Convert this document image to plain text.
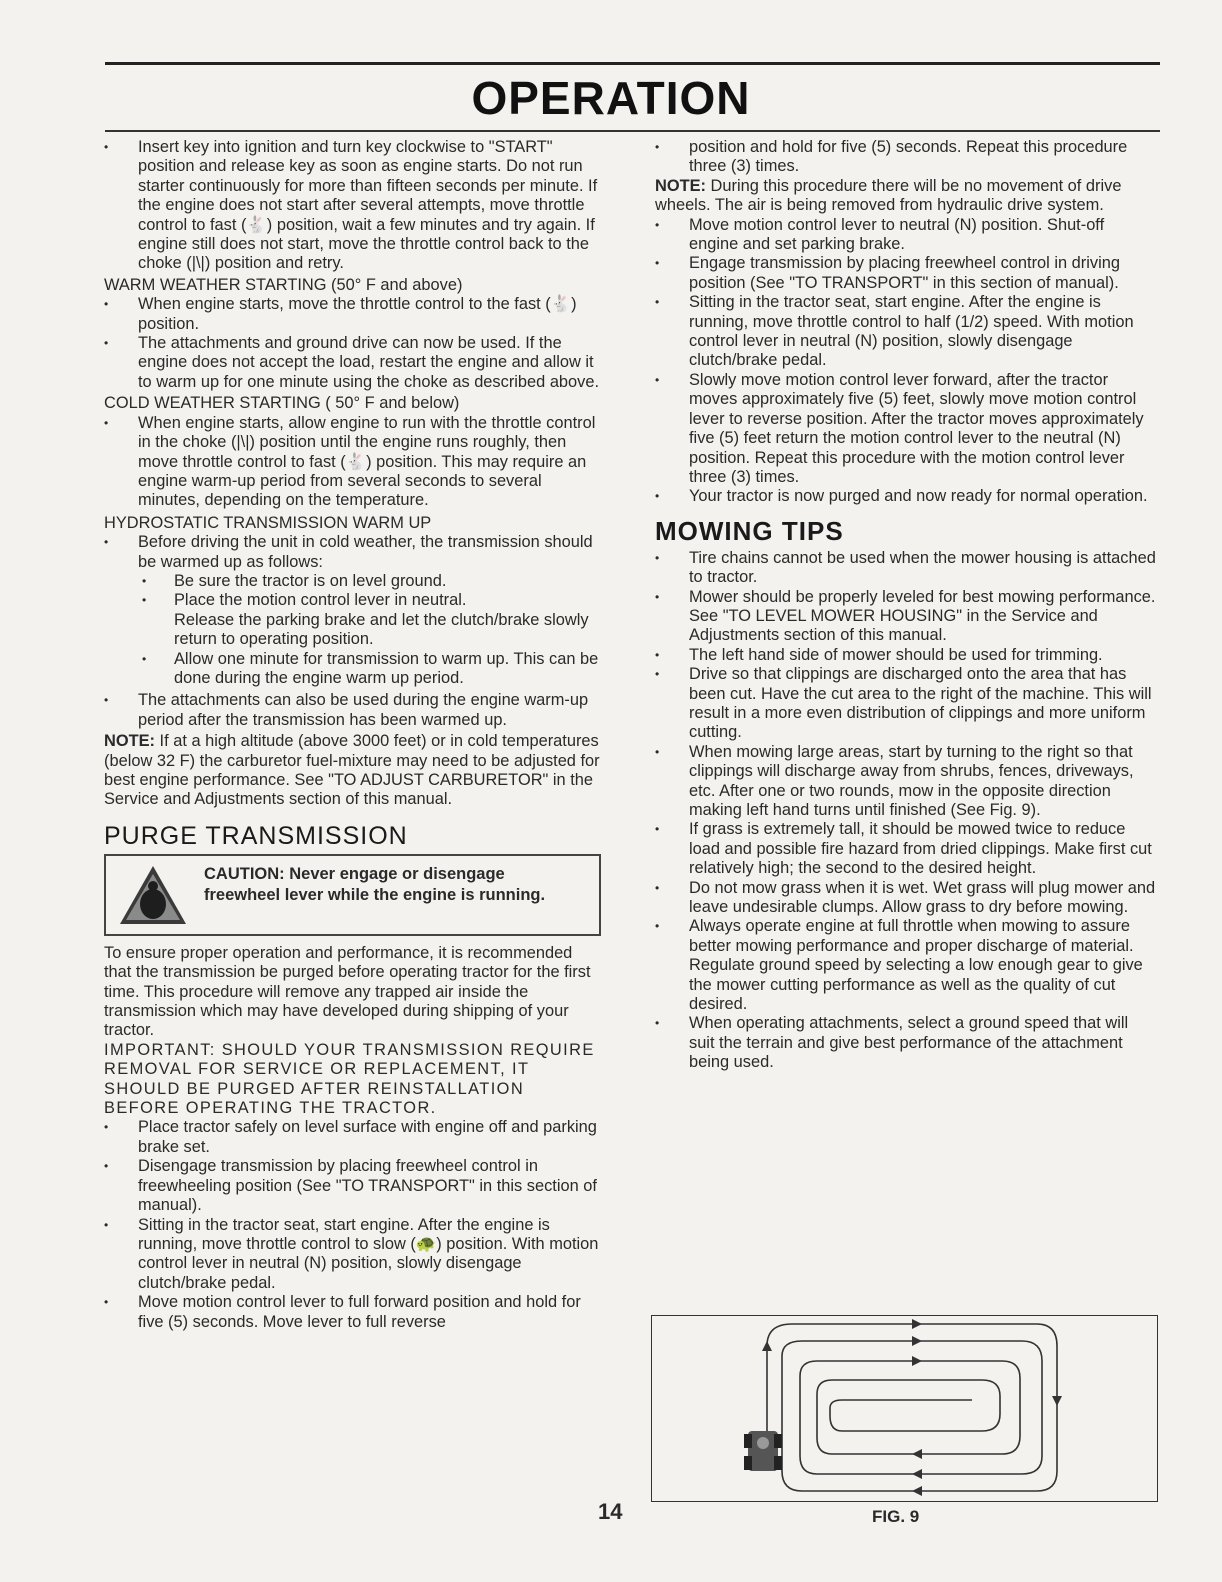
OPERATION
• Insert key into ignition and turn key clockwise to "START" position and release key as soon as engine starts. Do not run starter continuously for more than fifteen seconds per minute. If the engine does not start after several attempts, move throttle control to fast (🐇) position, wait a few minutes and try again. If engine still does not start, move the throttle control back to the choke (|\|) position and retry.
WARM WEATHER STARTING (50° F and above)
• When engine starts, move the throttle control to the fast (🐇) position.
• The attachments and ground drive can now be used. If the engine does not accept the load, restart the engine and allow it to warm up for one minute using the choke as described above.
COLD WEATHER STARTING ( 50° F and below)
• When engine starts, allow engine to run with the throttle control in the choke (|\|) position until the engine runs roughly, then move throttle control to fast (🐇) position. This may require an engine warm-up period from several seconds to several minutes, depending on the temperature.
HYDROSTATIC TRANSMISSION WARM UP
• Before driving the unit in cold weather, the transmission should be warmed up as follows:
• Be sure the tractor is on level ground.
• Place the motion control lever in neutral.
Release the parking brake and let the clutch/brake slowly return to operating position.
• Allow one minute for transmission to warm up. This can be done during the engine warm up period.
• The attachments can also be used during the engine warm-up period after the transmission has been warmed up.
NOTE: If at a high altitude (above 3000 feet) or in cold temperatures (below 32 F) the carburetor fuel-mixture may need to be adjusted for best engine performance. See "TO ADJUST CARBURETOR" in the Service and Adjustments section of this manual.
PURGE TRANSMISSION
CAUTION: Never engage or disengage freewheel lever while the engine is running.
To ensure proper operation and performance, it is recommended that the transmission be purged before operating tractor for the first time. This procedure will remove any trapped air inside the transmission which may have developed during shipping of your tractor.
IMPORTANT: SHOULD YOUR TRANSMISSION REQUIRE REMOVAL FOR SERVICE OR REPLACEMENT, IT SHOULD BE PURGED AFTER REINSTALLATION BEFORE OPERATING THE TRACTOR.
• Place tractor safely on level surface with engine off and parking brake set.
• Disengage transmission by placing freewheel control in freewheeling position (See "TO TRANSPORT" in this section of manual).
• Sitting in the tractor seat, start engine. After the engine is running, move throttle control to slow (🐢) position. With motion control lever in neutral (N) position, slowly disengage clutch/brake pedal.
• Move motion control lever to full forward position and hold for five (5) seconds. Move lever to full reverse
• position and hold for five (5) seconds. Repeat this procedure three (3) times.
NOTE: During this procedure there will be no movement of drive wheels. The air is being removed from hydraulic drive system.
• Move motion control lever to neutral (N) position. Shut-off engine and set parking brake.
• Engage transmission by placing freewheel control in driving position (See "TO TRANSPORT" in this section of manual).
• Sitting in the tractor seat, start engine. After the engine is running, move throttle control to half (1/2) speed. With motion control lever in neutral (N) position, slowly disengage clutch/brake pedal.
• Slowly move motion control lever forward, after the tractor moves approximately five (5) feet, slowly move motion control lever to reverse position. After the tractor moves approximately five (5) feet return the motion control lever to the neutral (N) position. Repeat this procedure with the motion control lever three (3) times.
• Your tractor is now purged and now ready for normal operation.
MOWING TIPS
• Tire chains cannot be used when the mower housing is attached to tractor.
• Mower should be properly leveled for best mowing performance. See "TO LEVEL MOWER HOUSING" in the Service and Adjustments section of this manual.
• The left hand side of mower should be used for trimming.
• Drive so that clippings are discharged onto the area that has been cut. Have the cut area to the right of the machine. This will result in a more even distribution of clippings and more uniform cutting.
• When mowing large areas, start by turning to the right so that clippings will discharge away from shrubs, fences, driveways, etc. After one or two rounds, mow in the opposite direction making left hand turns until finished (See Fig. 9).
• If grass is extremely tall, it should be mowed twice to reduce load and possible fire hazard from dried clippings. Make first cut relatively high; the second to the desired height.
• Do not mow grass when it is wet. Wet grass will plug mower and leave undesirable clumps. Allow grass to dry before mowing.
• Always operate engine at full throttle when mowing to assure better mowing performance and proper discharge of material. Regulate ground speed by selecting a low enough gear to give the mower cutting performance as well as the quality of cut desired.
• When operating attachments, select a ground speed that will suit the terrain and give best performance of the attachment being used.
FIG. 9
14
